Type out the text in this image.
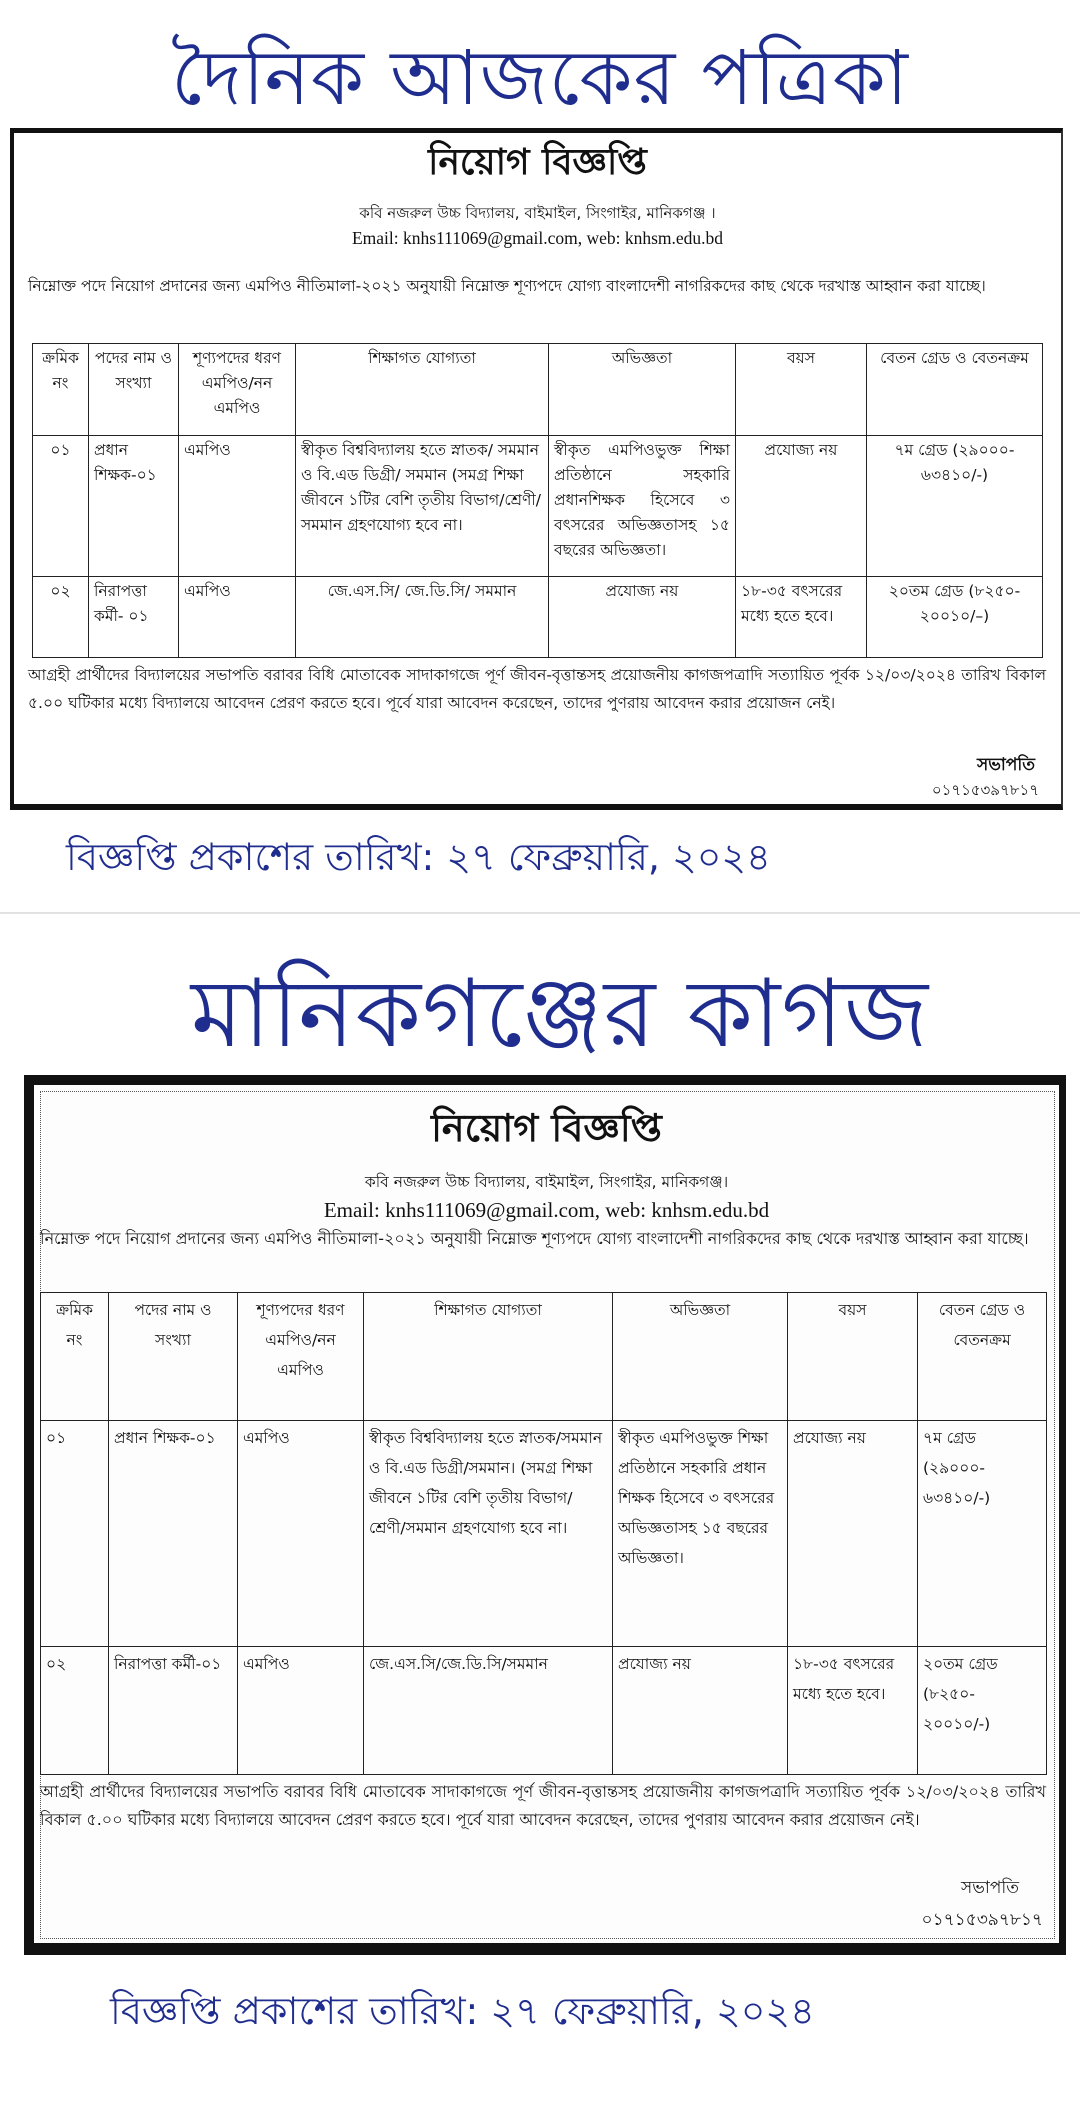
দৈনিক আজকের পত্রিকা
নিয়োগ বিজ্ঞপ্তি
কবি নজরুল উচ্চ বিদ্যালয়, বাইমাইল, সিংগাইর, মানিকগঞ্জ ।
Email: knhs111069@gmail.com, web: knhsm.edu.bd
নিম্নোক্ত পদে নিয়োগ প্রদানের জন্য এমপিও নীতিমালা-২০২১ অনুযায়ী নিম্নোক্ত শূণ্যপদে যোগ্য বাংলাদেশী নাগরিকদের কাছ থেকে দরখাস্ত আহ্বান করা যাচ্ছে।
ক্রমিক নং	পদের নাম ও সংখ্যা	শূণ্যপদের ধরণ এমপিও/নন এমপিও	শিক্ষাগত যোগ্যতা	অভিজ্ঞতা	বয়স	বেতন গ্রেড ও বেতনক্রম
০১	প্রধান শিক্ষক-০১	এমপিও	স্বীকৃত বিশ্ববিদ্যালয় হতে স্নাতক/ সমমান ও বি.এড ডিগ্রী/ সমমান (সমগ্র শিক্ষা জীবনে ১টির বেশি তৃতীয় বিভাগ/শ্রেণী/সমমান গ্রহণযোগ্য হবে না।	স্বীকৃত এমপিওভুক্ত শিক্ষা প্রতিষ্ঠানে সহকারি প্রধানশিক্ষক হিসেবে ৩ বৎসরের অভিজ্ঞতাসহ ১৫ বছরের অভিজ্ঞতা।	প্রযোজ্য নয়	৭ম গ্রেড (২৯০০০- ৬৩৪১০/-)
০২	নিরাপত্তা কর্মী- ০১	এমপিও	জে.এস.সি/ জে.ডি.সি/ সমমান	প্রযোজ্য নয়	১৮-৩৫ বৎসরের মধ্যে হতে হবে।	২০তম গ্রেড (৮২৫০- ২০০১০/–)
আগ্রহী প্রার্থীদের বিদ্যালয়ের সভাপতি বরাবর বিধি মোতাবেক সাদাকাগজে পূর্ণ জীবন-বৃত্তান্তসহ প্রয়োজনীয় কাগজপত্রাদি সত্যায়িত পূর্বক ১২/০৩/২০২৪ তারিখ বিকাল ৫.০০ ঘটিকার মধ্যে বিদ্যালয়ে আবেদন প্রেরণ করতে হবে। পূর্বে যারা আবেদন করেছেন, তাদের পুণরায় আবেদন করার প্রয়োজন নেই।
সভাপতি
০১৭১৫৩৯৭৮১৭
বিজ্ঞপ্তি প্রকাশের তারিখ: ২৭ ফেব্রুয়ারি, ২০২৪
মানিকগঞ্জের কাগজ
নিয়োগ বিজ্ঞপ্তি
কবি নজরুল উচ্চ বিদ্যালয়, বাইমাইল, সিংগাইর, মানিকগঞ্জ।
Email: knhs111069@gmail.com, web: knhsm.edu.bd
নিম্নোক্ত পদে নিয়োগ প্রদানের জন্য এমপিও নীতিমালা-২০২১ অনুযায়ী নিম্নোক্ত শূণ্যপদে যোগ্য বাংলাদেশী নাগরিকদের কাছ থেকে দরখাস্ত আহ্বান করা যাচ্ছে।
ক্রমিক নং	পদের নাম ও সংখ্যা	শূণ্যপদের ধরণ এমপিও/নন এমপিও	শিক্ষাগত যোগ্যতা	অভিজ্ঞতা	বয়স	বেতন গ্রেড ও বেতনক্রম
০১	প্রধান শিক্ষক-০১	এমপিও	স্বীকৃত বিশ্ববিদ্যালয় হতে স্নাতক/সমমান ও বি.এড ডিগ্রী/সমমান। (সমগ্র শিক্ষা জীবনে ১টির বেশি তৃতীয় বিভাগ/শ্রেণী/সমমান গ্রহণযোগ্য হবে না।	স্বীকৃত এমপিওভুক্ত শিক্ষা প্রতিষ্ঠানে সহকারি প্রধান শিক্ষক হিসেবে ৩ বৎসরের অভিজ্ঞতাসহ ১৫ বছরের অভিজ্ঞতা।	প্রযোজ্য নয়	৭ম গ্রেড (২৯০০০- ৬৩৪১০/-)
০২	নিরাপত্তা কর্মী-০১	এমপিও	জে.এস.সি/জে.ডি.সি/সমমান	প্রযোজ্য নয়	১৮-৩৫ বৎসরের মধ্যে হতে হবে।	২০তম গ্রেড (৮২৫০- ২০০১০/-)
আগ্রহী প্রার্থীদের বিদ্যালয়ের সভাপতি বরাবর বিধি মোতাবেক সাদাকাগজে পূর্ণ জীবন-বৃত্তান্তসহ প্রয়োজনীয় কাগজপত্রাদি সত্যায়িত পূর্বক ১২/০৩/২০২৪ তারিখ বিকাল ৫.০০ ঘটিকার মধ্যে বিদ্যালয়ে আবেদন প্রেরণ করতে হবে। পূর্বে যারা আবেদন করেছেন, তাদের পুণরায় আবেদন করার প্রয়োজন নেই।
সভাপতি
০১৭১৫৩৯৭৮১৭
বিজ্ঞপ্তি প্রকাশের তারিখ: ২৭ ফেব্রুয়ারি, ২০২৪
